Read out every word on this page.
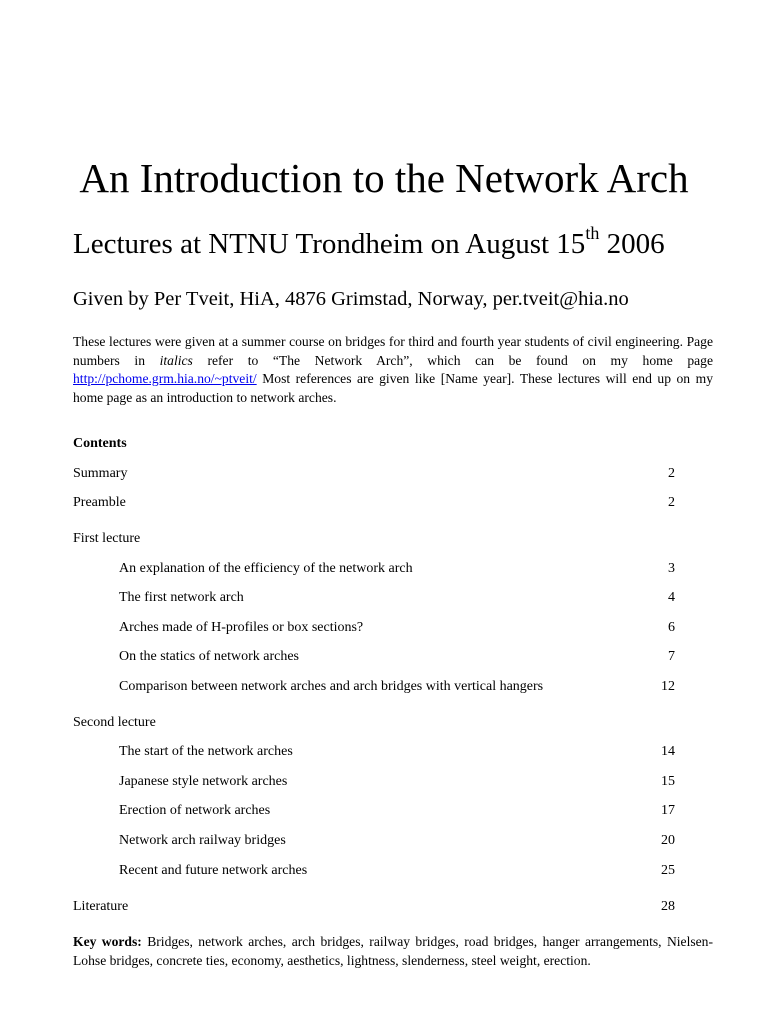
An Introduction to the Network Arch
Lectures at NTNU Trondheim on August 15th 2006

Given by Per Tveit, HiA, 4876 Grimstad, Norway, per.tveit@hia.no

These lectures were given at a summer course on bridges for third and fourth year students of civil engineering. Page numbers in italics refer to “The Network Arch”, which can be found on my home page http://pchome.grm.hia.no/~ptveit/ Most references are given like [Name year]. These lectures will end up on my home page as an introduction to network arches.

Contents

Summary	2
Preamble	2
First lecture
An explanation of the efficiency of the network arch	3
The first network arch	4
Arches made of H-profiles or box sections?	6
On the statics of network arches	7
Comparison between network arches and arch bridges with vertical hangers	12
Second lecture
The start of the network arches	14
Japanese style network arches	15
Erection of network arches	17
Network arch railway bridges	20
Recent and future network arches	25
Literature	28

Key words: Bridges, network arches, arch bridges, railway bridges, road bridges, hanger arrangements, Nielsen-Lohse bridges, concrete ties, economy, aesthetics, lightness, slenderness, steel weight, erection.
